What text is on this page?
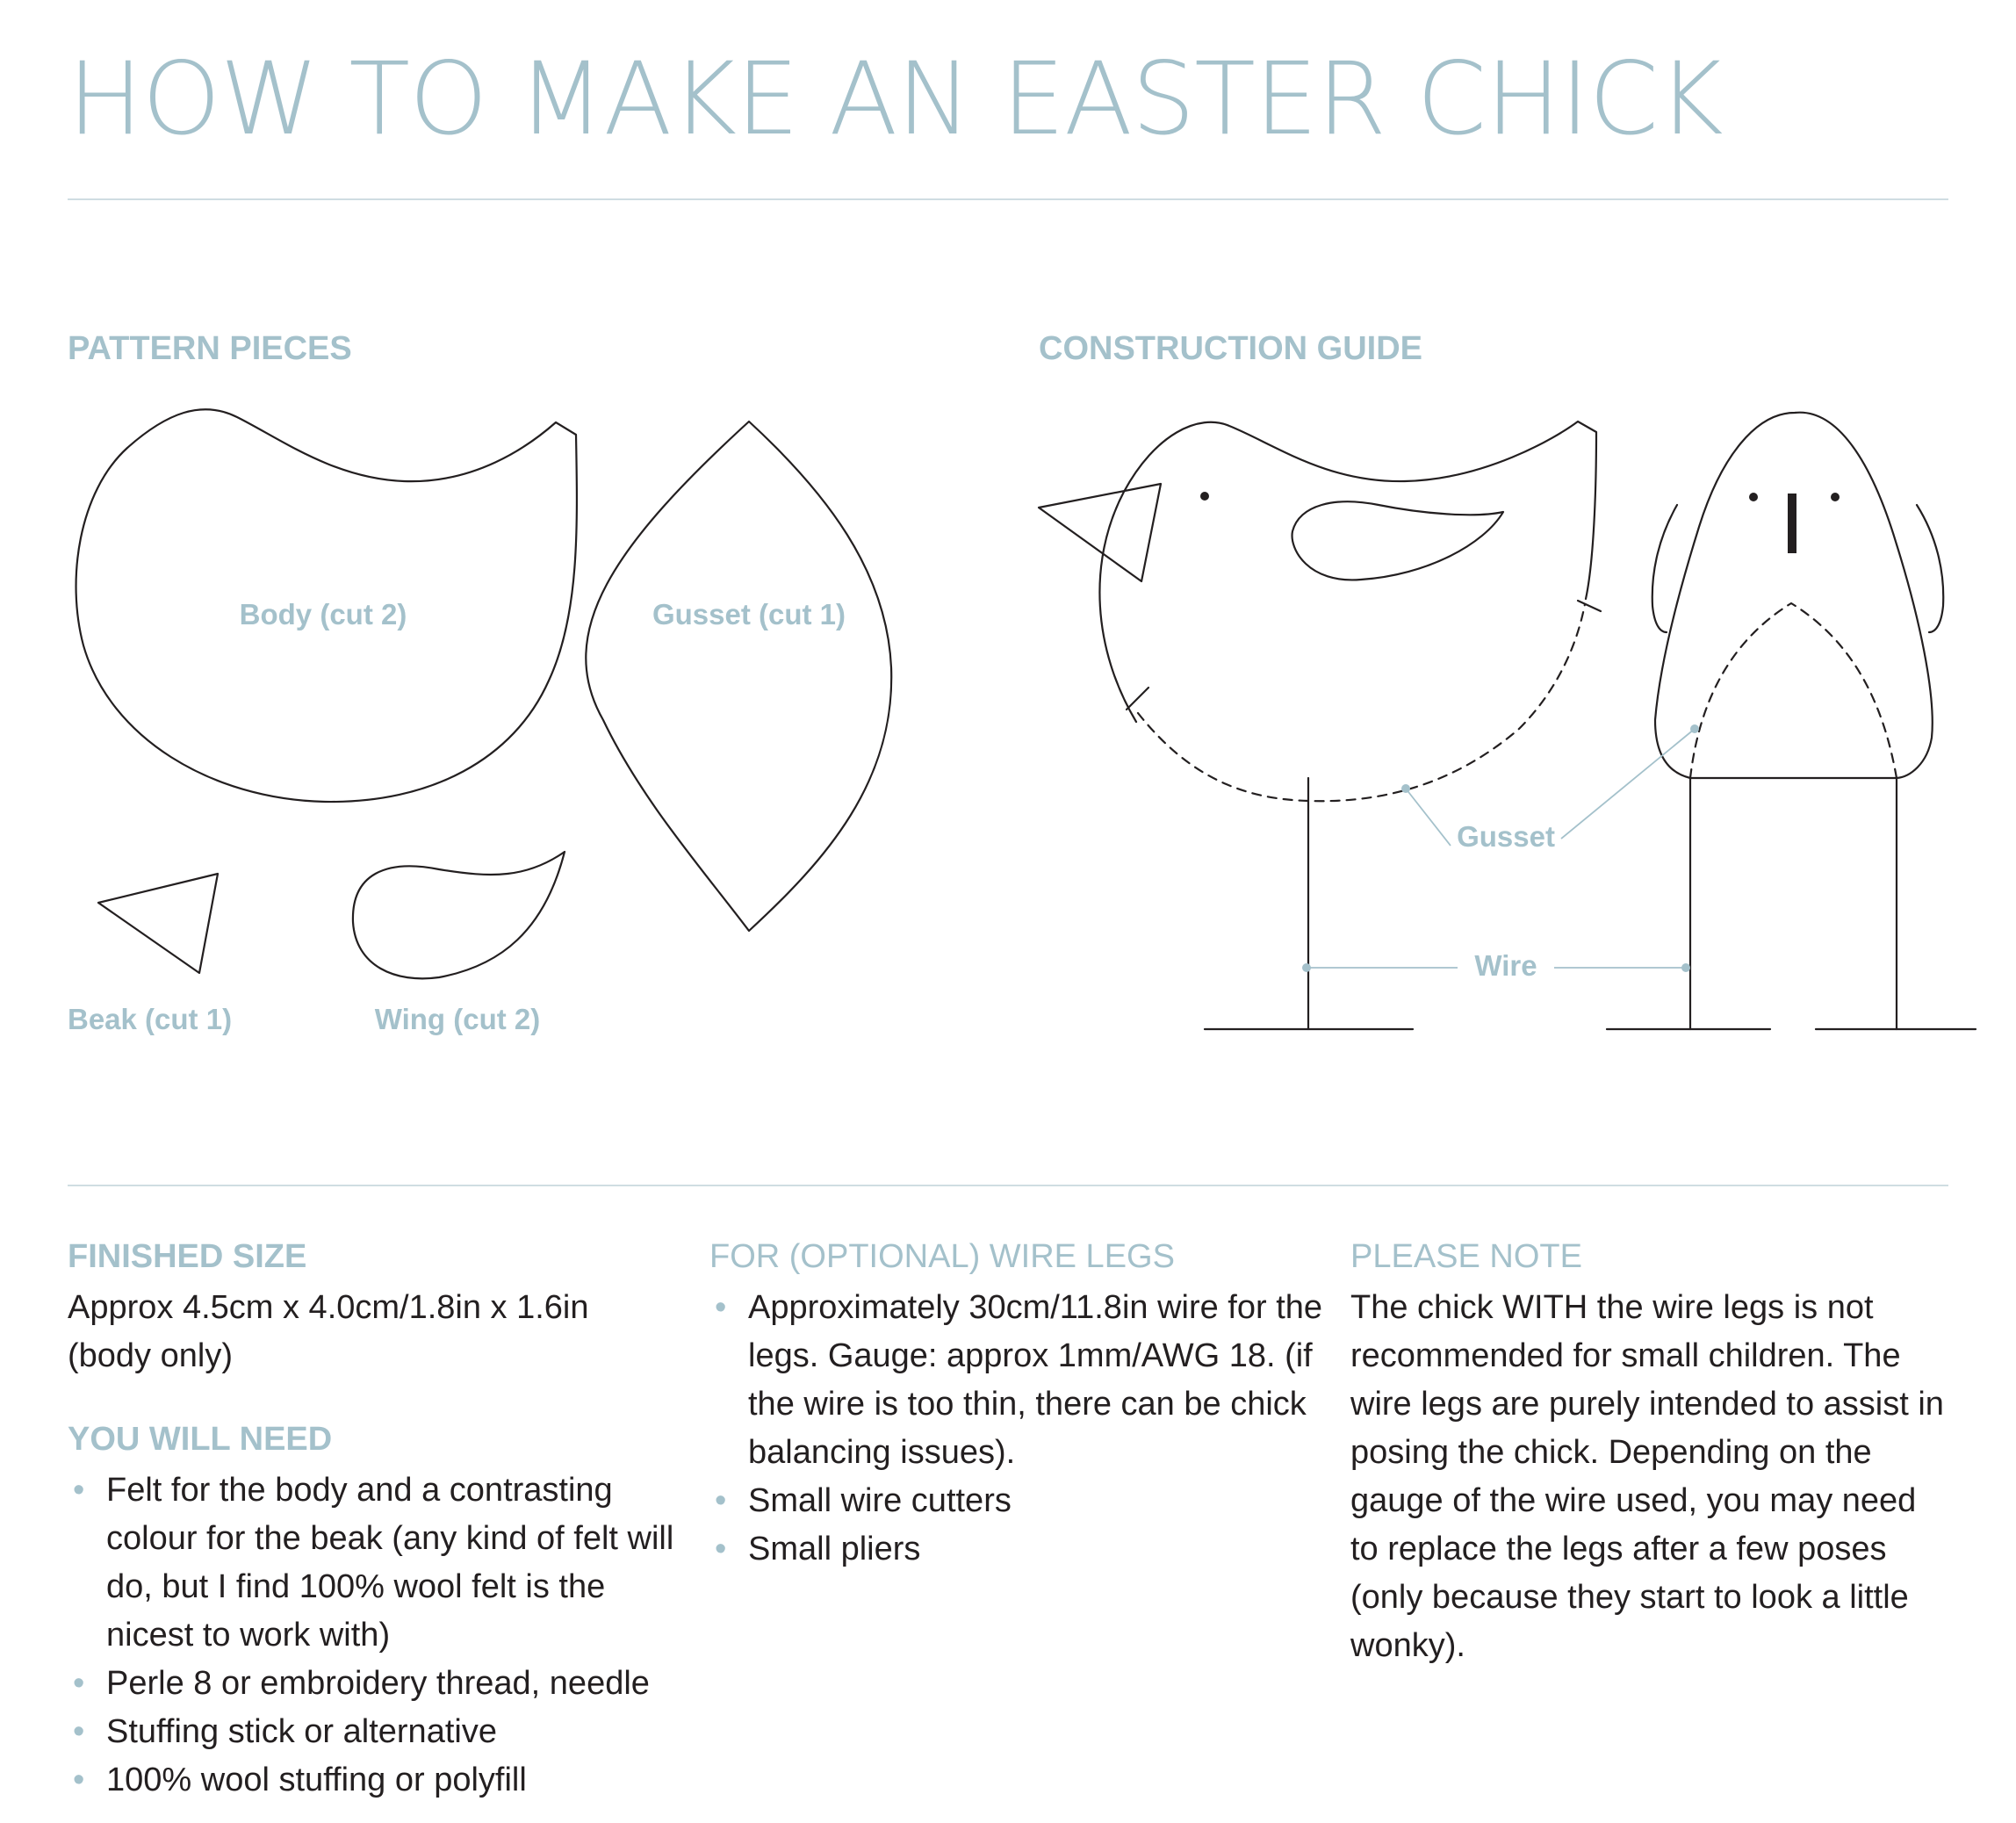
HOW TO MAKE AN EASTER CHICK
PATTERN PIECES	CONSTRUCTION GUIDE
Body (cut 2)	Gusset (cut 1)
Beak (cut 1)	Wing (cut 2)
Gusset
Wire
FINISHED SIZE

Approx 4.5cm x 4.0cm/1.8in x 1.6in (body only)

YOU WILL NEED
• Felt for the body and a contrasting colour for the beak (any kind of felt will do, but I find 100% wool felt is the nicest to work with)
• Perle 8 or embroidery thread, needle
• Stuffing stick or alternative
• 100% wool stuffing or polyfill
FOR (OPTIONAL) WIRE LEGS
• Approximately 30cm/11.8in wire for the legs. Gauge: approx 1mm/AWG 18. (if the wire is too thin, there can be chick balancing issues).
• Small wire cutters
• Small pliers
PLEASE NOTE

The chick WITH the wire legs is not recommended for small children. The wire legs are purely intended to assist in posing the chick. Depending on the gauge of the wire used, you may need to replace the legs after a few poses (only because they start to look a little wonky).
